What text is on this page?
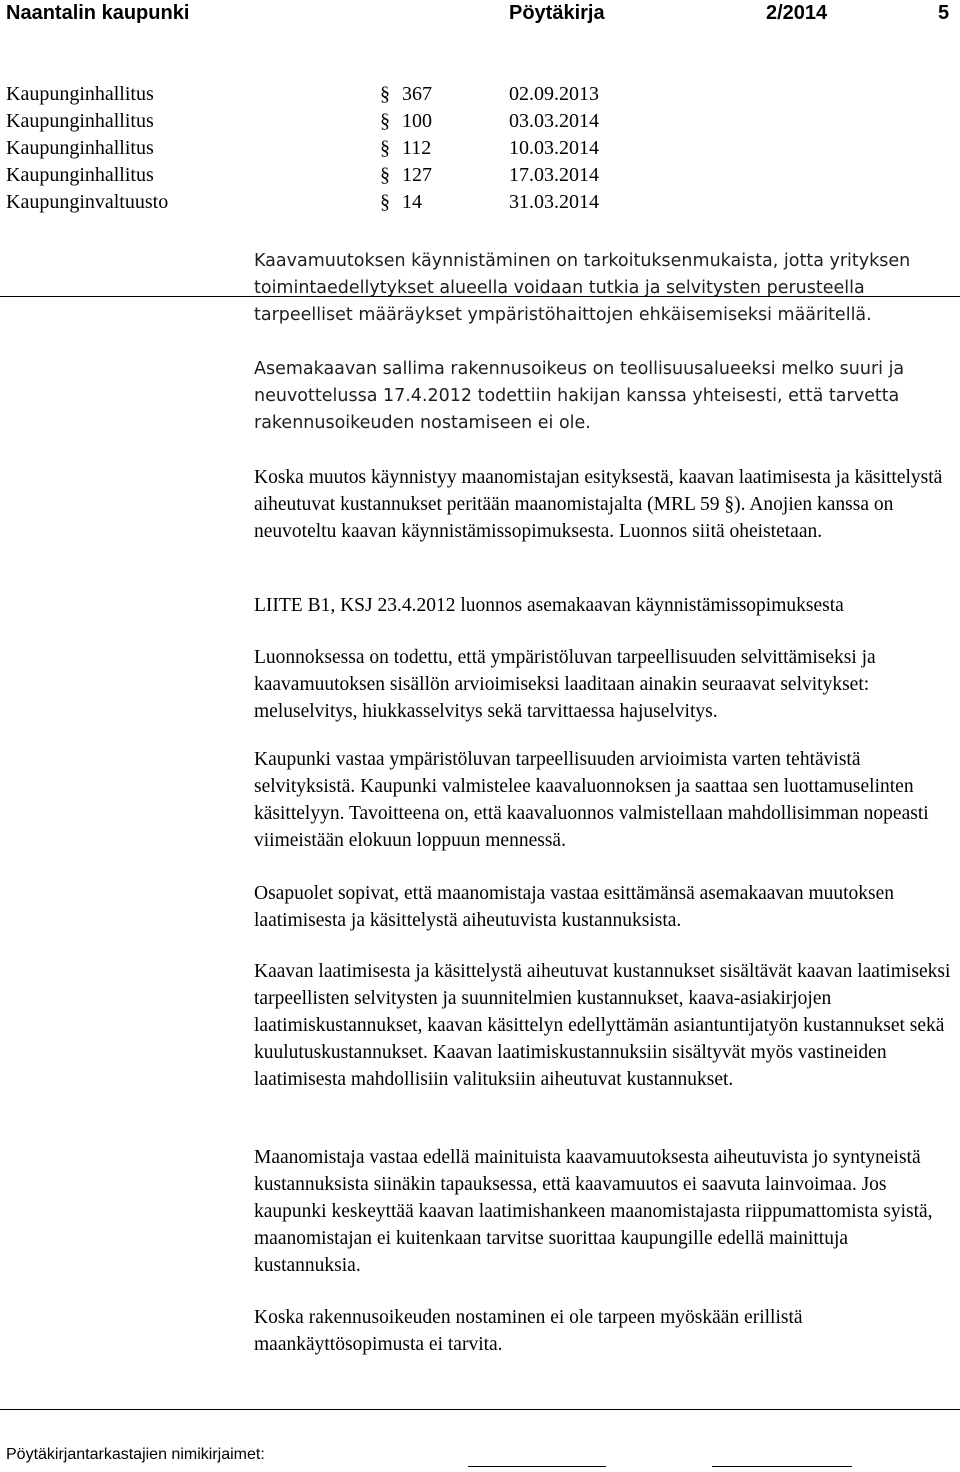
Naantalin kaupunki	Pöytäkirja	2/2014	5
Kaupunginhallitus	§ 367	02.09.2013
Kaupunginhallitus	§ 100	03.03.2014
Kaupunginhallitus	§ 112	10.03.2014
Kaupunginhallitus	§ 127	17.03.2014
Kaupunginvaltuusto	§ 14	31.03.2014

Kaavamuutoksen käynnistäminen on tarkoituksenmukaista, jotta yrityksen toimintaedellytykset alueella voidaan tutkia ja selvitysten perusteella tarpeelliset määräykset ympäristöhaittojen ehkäisemiseksi määritellä.

Asemakaavan sallima rakennusoikeus on teollisuusalueeksi melko suuri ja neuvottelussa 17.4.2012 todettiin hakijan kanssa yhteisesti, että tarvetta rakennusoikeuden nostamiseen ei ole.

Koska muutos käynnistyy maanomistajan esityksestä, kaavan laatimisesta ja käsittelystä aiheutuvat kustannukset peritään maanomistajalta (MRL 59 §). Anojien kanssa on neuvoteltu kaavan käynnistämissopimuksesta. Luonnos siitä oheistetaan.

LIITE B1, KSJ 23.4.2012 luonnos asemakaavan käynnistämissopimuksesta

Luonnoksessa on todettu, että ympäristöluvan tarpeellisuuden selvittämiseksi ja kaavamuutoksen sisällön arvioimiseksi laaditaan ainakin seuraavat selvitykset: meluselvitys, hiukkasselvitys sekä tarvittaessa hajuselvitys.

Kaupunki vastaa ympäristöluvan tarpeellisuuden arvioimista varten tehtävistä selvityksistä. Kaupunki valmistelee kaavaluonnoksen ja saattaa sen luottamuselinten käsittelyyn. Tavoitteena on, että kaavaluonnos valmistellaan mahdollisimman nopeasti viimeistään elokuun loppuun mennessä.

Osapuolet sopivat, että maanomistaja vastaa esittämänsä asemakaavan muutoksen laatimisesta ja käsittelystä aiheutuvista kustannuksista.

Kaavan laatimisesta ja käsittelystä aiheutuvat kustannukset sisältävät kaavan laatimiseksi tarpeellisten selvitysten ja suunnitelmien kustannukset, kaava-asiakirjojen laatimiskustannukset, kaavan käsittelyn edellyttämän asiantuntijatyön kustannukset sekä kuulutuskustannukset. Kaavan laatimiskustannuksiin sisältyvät myös vastineiden laatimisesta mahdollisiin valituksiin aiheutuvat kustannukset.

Maanomistaja vastaa edellä mainituista kaavamuutoksesta aiheutuvista jo syntyneistä kustannuksista siinäkin tapauksessa, että kaavamuutos ei saavuta lainvoimaa. Jos kaupunki keskeyttää kaavan laatimishankeen maanomistajasta riippumattomista syistä, maanomistajan ei kuitenkaan tarvitse suorittaa kaupungille edellä mainittuja kustannuksia.

Koska rakennusoikeuden nostaminen ei ole tarpeen myöskään erillistä maankäyttösopimusta ei tarvita.

Pöytäkirjantarkastajien nimikirjaimet:
